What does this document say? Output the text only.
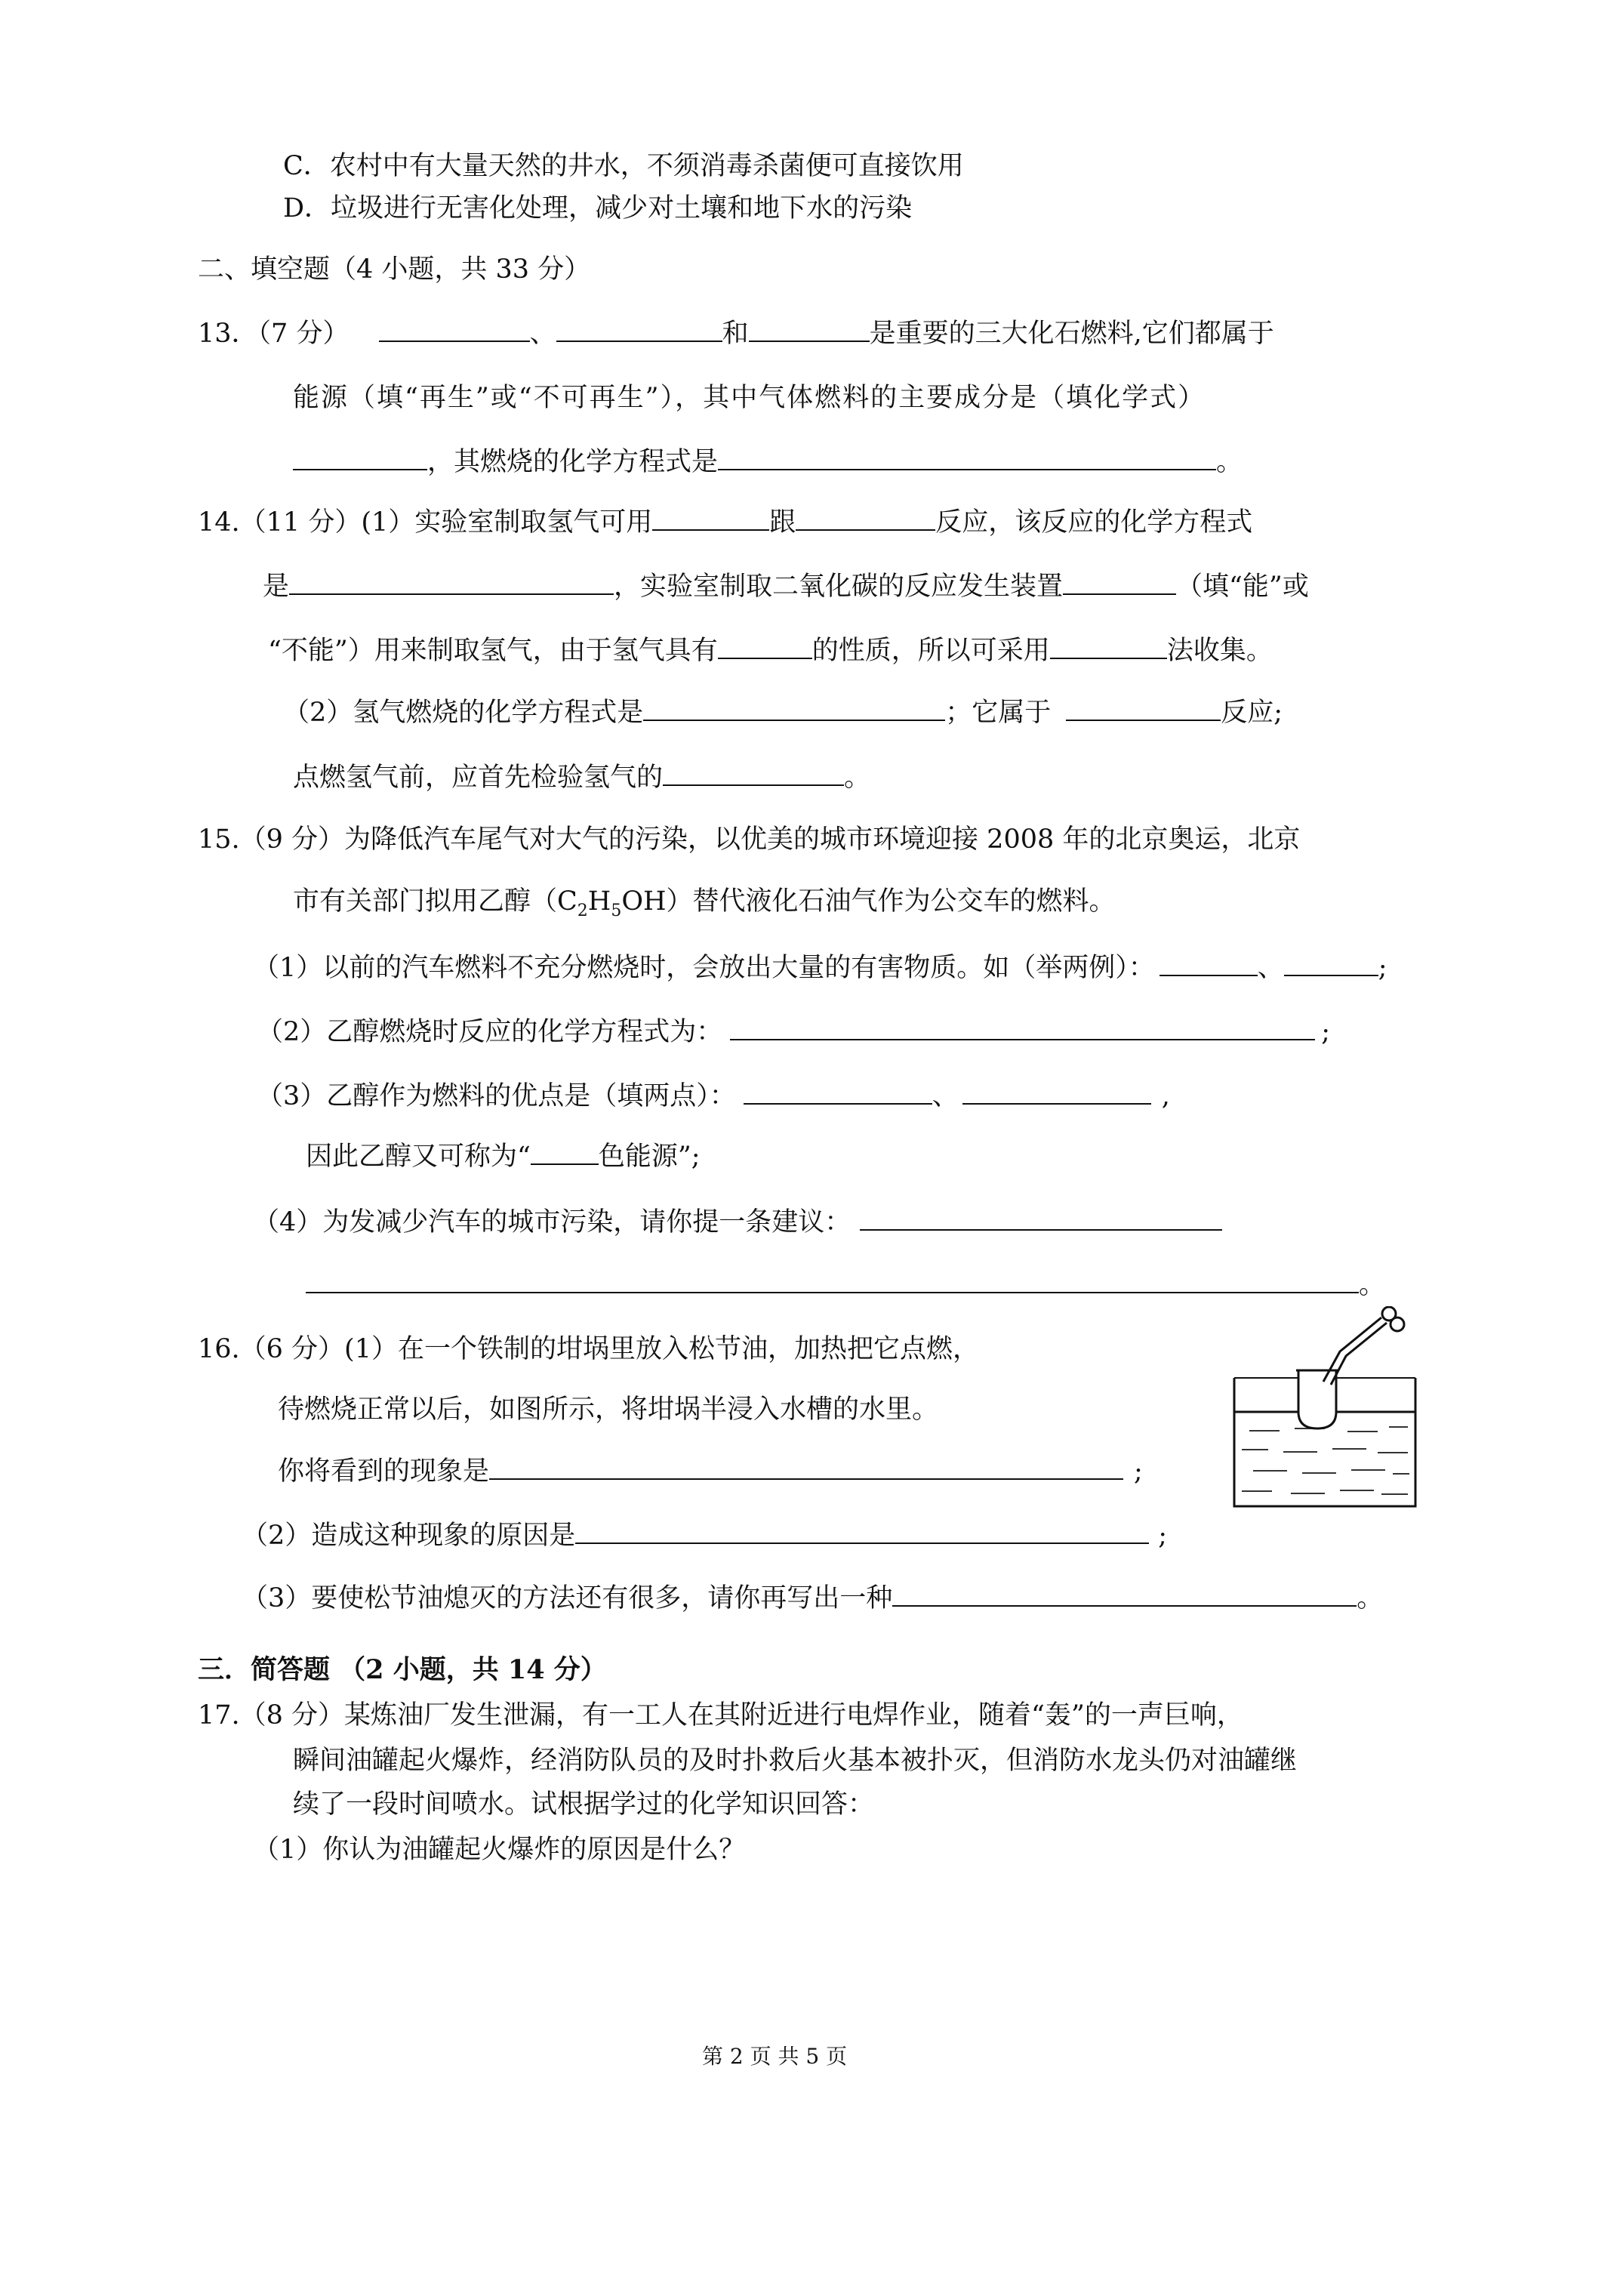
C．农村中有大量天然的井水，不须消毒杀菌便可直接饮用
D．垃圾进行无害化处理，减少对土壤和地下水的污染
二、填空题（4 小题，共 33 分）
13．（7 分）	、	和	是重要的三大化石燃料,它们都属于
能源（填“再生”或“不可再生”），其中气体燃料的主要成分是（填化学式）
，其燃烧的化学方程式是	。
14.（11 分）(1）实验室制取氢气可用	跟	反应，该反应的化学方程式
是	，实验室制取二氧化碳的反应发生装置	（填“能”或
“不能”）用来制取氢气，由于氢气具有	的性质，所以可采用	法收集。
（2）氢气燃烧的化学方程式是	；它属于	反应;
点燃氢气前，应首先检验氢气的	。
15.（9 分）为降低汽车尾气对大气的污染，以优美的城市环境迎接 2008 年的北京奥运，北京
市有关部门拟用乙醇$(C_2H_5OH)$替代液化石油气作为公交车的燃料。
（1）以前的汽车燃料不充分燃烧时，会放出大量的有害物质。如（举两例）：	、	;
（2）乙醇燃烧时反应的化学方程式为：	;
（3）乙醇作为燃料的优点是（填两点）：	、	,
因此乙醇又可称为“	色能源”;
（4）为发减少汽车的城市污染，请你提一条建议：
。
16.（6 分）(1）在一个铁制的坩埚里放入松节油，加热把它点燃，
待燃烧正常以后，如图所示，将坩埚半浸入水槽的水里。
你将看到的现象是	;
（2）造成这种现象的原因是	;
（3）要使松节油熄灭的方法还有很多，请你再写出一种	。
三．简答题 （2 小题，共 14 分）
17.（8 分）某炼油厂发生泄漏，有一工人在其附近进行电焊作业，随着“轰”的一声巨响，
瞬间油罐起火爆炸，经消防队员的及时扑救后火基本被扑灭，但消防水龙头仍对油罐继
续了一段时间喷水。试根据学过的化学知识回答：
（1）你认为油罐起火爆炸的原因是什么？
第 2 页 共 5 页
